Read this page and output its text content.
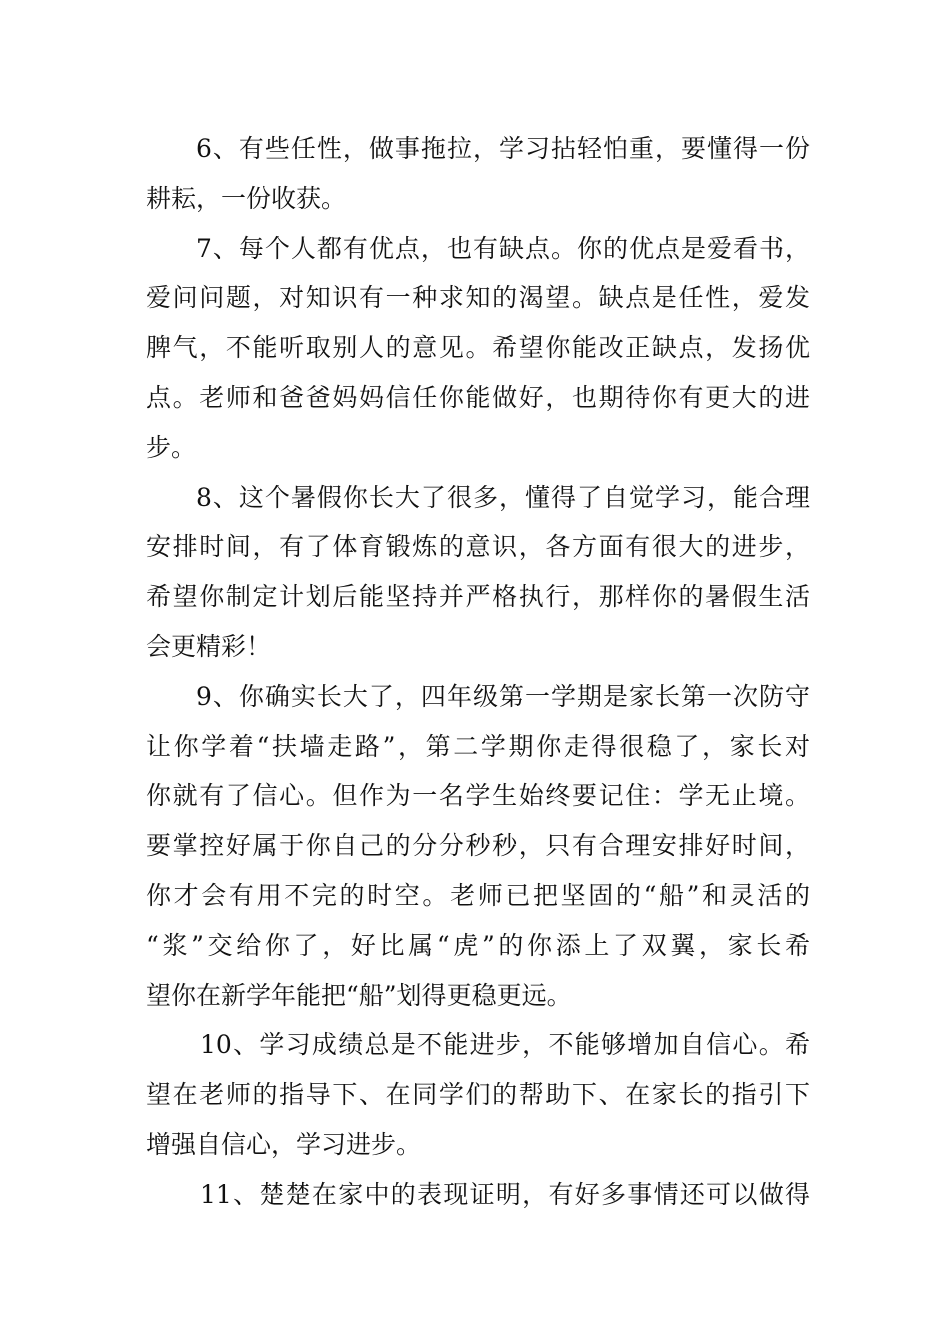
6、有些任性，做事拖拉，学习拈轻怕重，要懂得一份
耕耘，一份收获。
7、每个人都有优点，也有缺点。你的优点是爱看书，
爱问问题，对知识有一种求知的渴望。缺点是任性，爱发
脾气，不能听取别人的意见。希望你能改正缺点，发扬优
点。老师和爸爸妈妈信任你能做好，也期待你有更大的进
步。
8、这个暑假你长大了很多，懂得了自觉学习，能合理
安排时间，有了体育锻炼的意识，各方面有很大的进步，
希望你制定计划后能坚持并严格执行，那样你的暑假生活
会更精彩！
9、你确实长大了，四年级第一学期是家长第一次防守
让你学着“扶墙走路”，第二学期你走得很稳了，家长对
你就有了信心。但作为一名学生始终要记住：学无止境。
要掌控好属于你自己的分分秒秒，只有合理安排好时间，
你才会有用不完的时空。老师已把坚固的“船”和灵活的
“浆”交给你了，好比属“虎”的你添上了双翼，家长希
望你在新学年能把“船”划得更稳更远。
10、学习成绩总是不能进步，不能够增加自信心。希
望在老师的指导下、在同学们的帮助下、在家长的指引下
增强自信心，学习进步。
11、楚楚在家中的表现证明，有好多事情还可以做得
